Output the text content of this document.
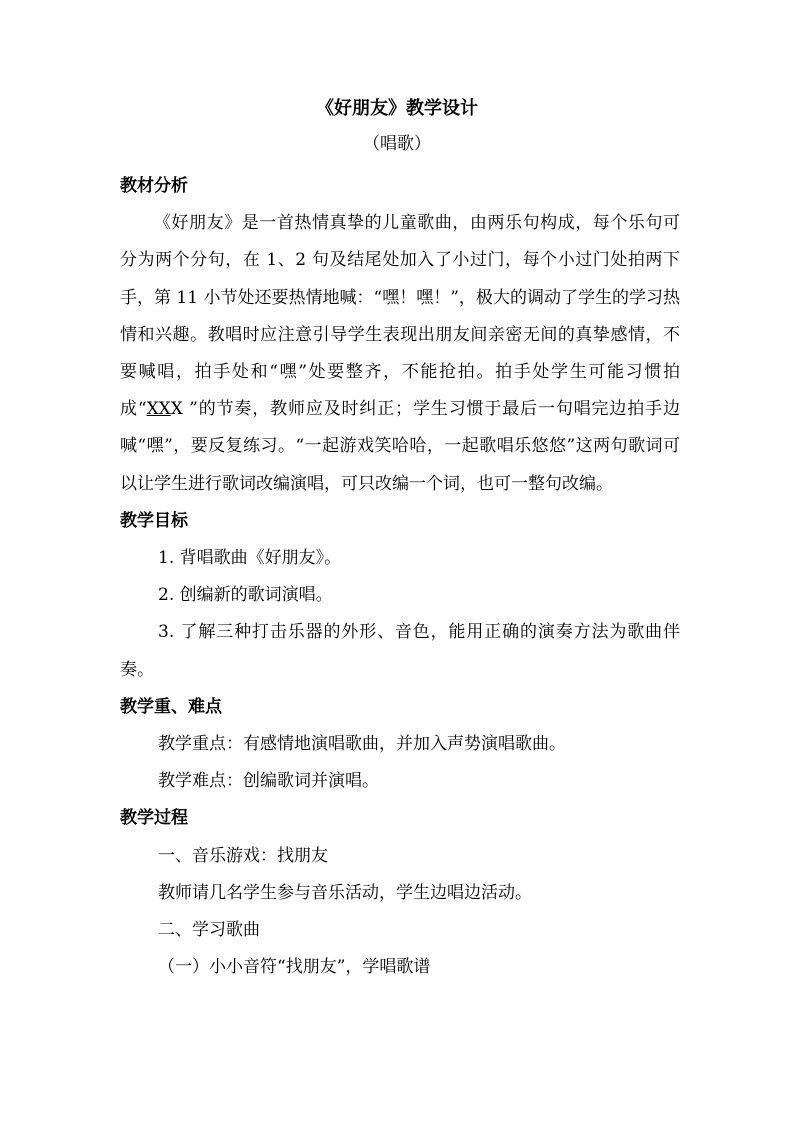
《好朋友》教学设计
（唱歌）

教材分析

《好朋友》是一首热情真挚的儿童歌曲，由两乐句构成，每个乐句可分为两个分句，在 1、2 句及结尾处加入了小过门，每个小过门处拍两下手，第 11 小节处还要热情地喊：“嘿！嘿！”，极大的调动了学生的学习热情和兴趣。教唱时应注意引导学生表现出朋友间亲密无间的真挚感情，不要喊唱，拍手处和“嘿”处要整齐，不能抢拍。拍手处学生可能习惯拍成“XXX ”的节奏，教师应及时纠正；学生习惯于最后一句唱完边拍手边喊“嘿”，要反复练习。“一起游戏笑哈哈，一起歌唱乐悠悠”这两句歌词可以让学生进行歌词改编演唱，可只改编一个词，也可一整句改编。

教学目标

1. 背唱歌曲《好朋友》。

2. 创编新的歌词演唱。

3. 了解三种打击乐器的外形、音色，能用正确的演奏方法为歌曲伴奏。

教学重、难点

教学重点：有感情地演唱歌曲，并加入声势演唱歌曲。

教学难点：创编歌词并演唱。

教学过程

一、音乐游戏：找朋友

教师请几名学生参与音乐活动，学生边唱边活动。

二、学习歌曲

（一）小小音符“找朋友”，学唱歌谱
